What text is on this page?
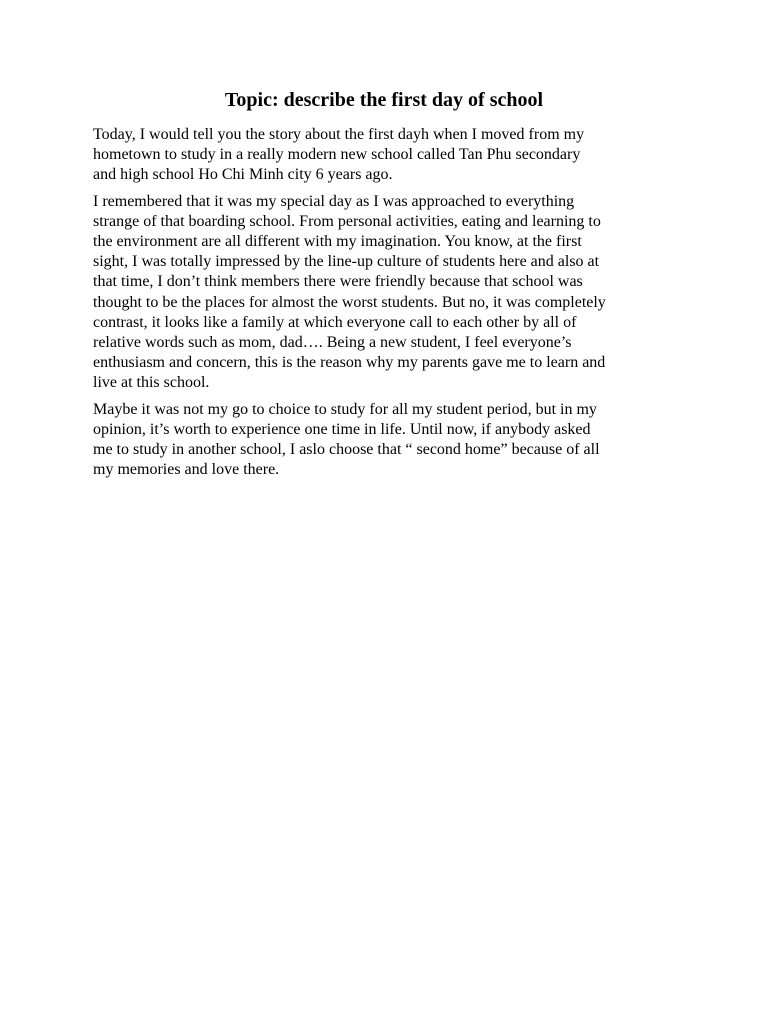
Topic: describe the first day of school

Today, I would tell you the story about the first dayh when I moved from my
hometown to study in a really modern new school called Tan Phu secondary
and high school Ho Chi Minh city 6 years ago.

I remembered that it was my special day as I was approached to everything
strange of that boarding school. From personal activities, eating and learning to
the environment are all different with my imagination. You know, at the first
sight, I was totally impressed by the line-up culture of students here and also at
that time, I don’t think members there were friendly because that school was
thought to be the places for almost the worst students. But no, it was completely
contrast, it looks like a family at which everyone call to each other by all of
relative words such as mom, dad…. Being a new student, I feel everyone’s
enthusiasm and concern, this is the reason why my parents gave me to learn and
live at this school.

Maybe it was not my go to choice to study for all my student period, but in my
opinion, it’s worth to experience one time in life. Until now, if anybody asked
me to study in another school, I aslo choose that “ second home” because of all
my memories and love there.
